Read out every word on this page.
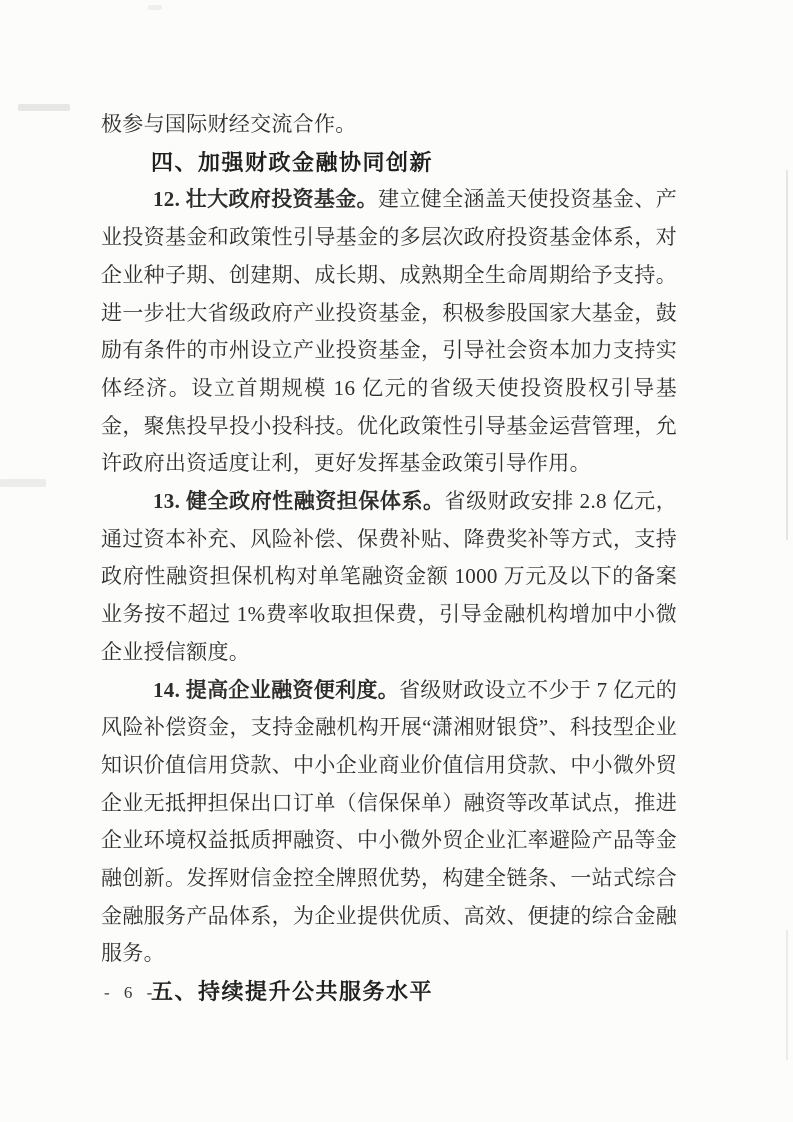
极参与国际财经交流合作。

四、加强财政金融协同创新

12. 壮大政府投资基金。建立健全涵盖天使投资基金、产业投资基金和政策性引导基金的多层次政府投资基金体系，对企业种子期、创建期、成长期、成熟期全生命周期给予支持。进一步壮大省级政府产业投资基金，积极参股国家大基金，鼓励有条件的市州设立产业投资基金，引导社会资本加力支持实体经济。设立首期规模 16 亿元的省级天使投资股权引导基金，聚焦投早投小投科技。优化政策性引导基金运营管理，允许政府出资适度让利，更好发挥基金政策引导作用。

13. 健全政府性融资担保体系。省级财政安排 2.8 亿元，通过资本补充、风险补偿、保费补贴、降费奖补等方式，支持政府性融资担保机构对单笔融资金额 1000 万元及以下的备案业务按不超过 1%费率收取担保费，引导金融机构增加中小微企业授信额度。

14. 提高企业融资便利度。省级财政设立不少于 7 亿元的风险补偿资金，支持金融机构开展“潇湘财银贷”、科技型企业知识价值信用贷款、中小企业商业价值信用贷款、中小微外贸企业无抵押担保出口订单（信保保单）融资等改革试点，推进企业环境权益抵质押融资、中小微外贸企业汇率避险产品等金融创新。发挥财信金控全牌照优势，构建全链条、一站式综合金融服务产品体系，为企业提供优质、高效、便捷的综合金融服务。

五、持续提升公共服务水平
- 6 -
